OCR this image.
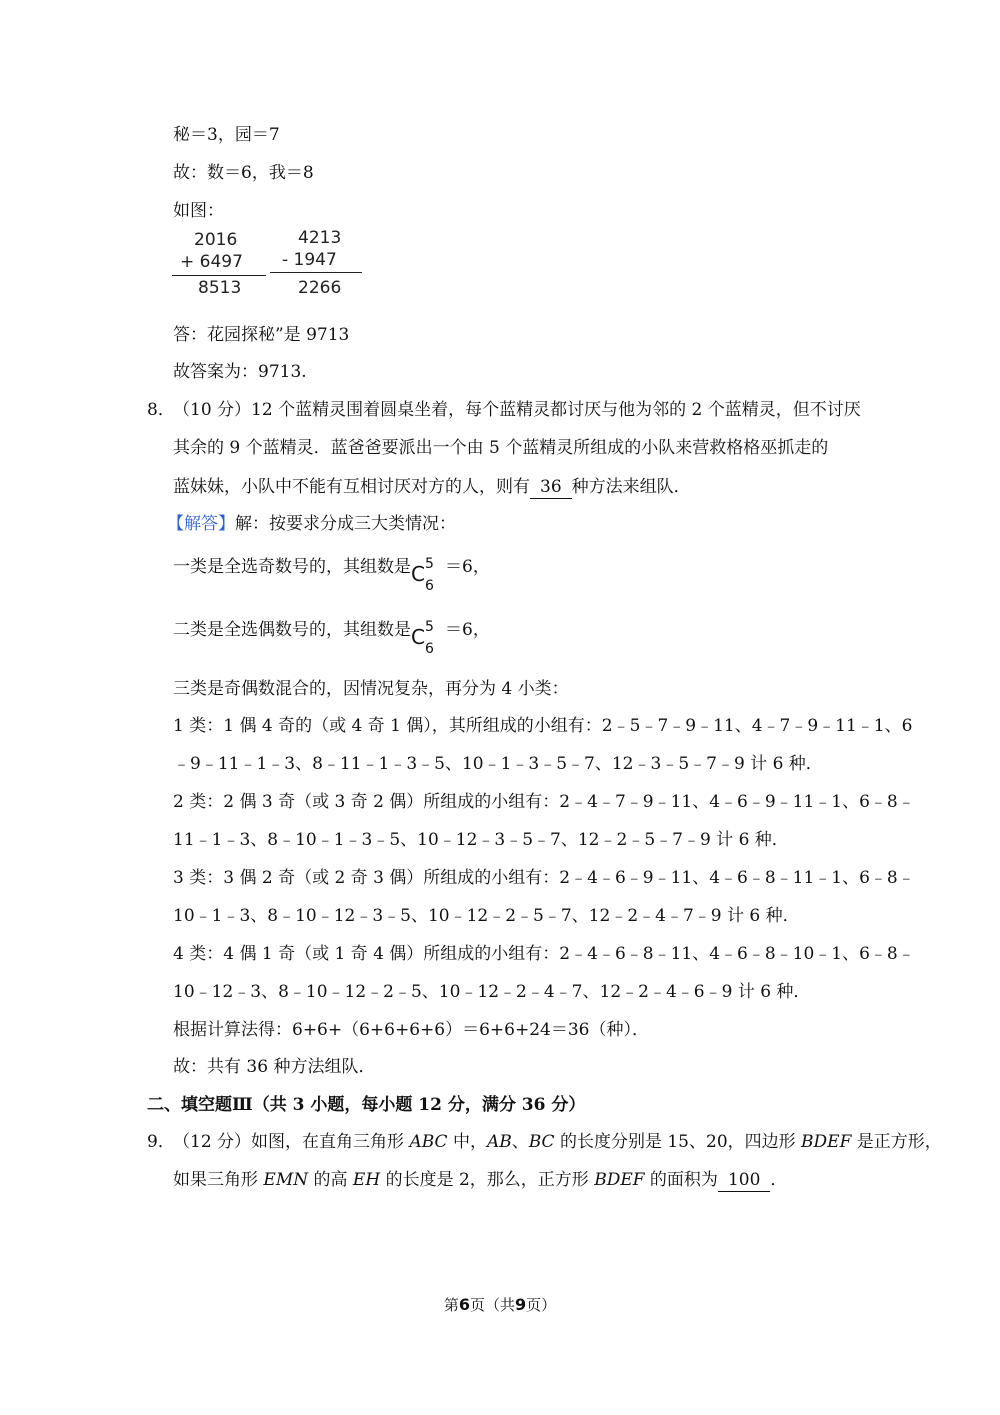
秘＝3，园＝7
故：数＝6，我＝8
如图：
2016
+ 6497
8513
4213
- 1947
2266
答：花园探秘”是 9713
故答案为：9713.
8．
（10 分）12 个蓝精灵围着圆桌坐着，每个蓝精灵都讨厌与他为邻的 2 个蓝精灵，但不讨厌
其余的 9 个蓝精灵．蓝爸爸要派出一个由 5 个蓝精灵所组成的小队来营救格格巫抓走的
蓝妹妹，小队中不能有互相讨厌对方的人，则有 36 种方法来组队．
【解答】解：按要求分成三大类情况：
一类是全选奇数号的，其组数是 C 5
6
＝6，
二类是全选偶数号的，其组数是 C 5
6
＝6，
三类是奇偶数混合的，因情况复杂，再分为 4 小类：
1 类：1 偶 4 奇的（或 4 奇 1 偶），其所组成的小组有：2﹣5﹣7﹣9﹣11、4﹣7﹣9﹣11﹣1、6
﹣9﹣11﹣1﹣3、8﹣11﹣1﹣3﹣5、10﹣1﹣3﹣5﹣7、12﹣3﹣5﹣7﹣9 计 6 种．
2 类：2 偶 3 奇（或 3 奇 2 偶）所组成的小组有：2﹣4﹣7﹣9﹣11、4﹣6﹣9﹣11﹣1、6﹣8﹣
11﹣1﹣3、8﹣10﹣1﹣3﹣5、10﹣12﹣3﹣5﹣7、12﹣2﹣5﹣7﹣9 计 6 种．
3 类：3 偶 2 奇（或 2 奇 3 偶）所组成的小组有：2﹣4﹣6﹣9﹣11、4﹣6﹣8﹣11﹣1、6﹣8﹣
10﹣1﹣3、8﹣10﹣12﹣3﹣5、10﹣12﹣2﹣5﹣7、12﹣2﹣4﹣7﹣9 计 6 种．
4 类：4 偶 1 奇（或 1 奇 4 偶）所组成的小组有：2﹣4﹣6﹣8﹣11、4﹣6﹣8﹣10﹣1、6﹣8﹣
10﹣12﹣3、8﹣10﹣12﹣2﹣5、10﹣12﹣2﹣4﹣7、12﹣2﹣4﹣6﹣9 计 6 种．
根据计算法得：6+6+（6+6+6+6）＝6+6+24＝36（种）．
故：共有 36 种方法组队．
二、填空题Ⅲ（共 3 小题，每小题 12 分，满分 36 分）
9．
（12 分）如图，在直角三角形 ABC 中，AB、BC 的长度分别是 15、20，四边形 BDEF 是正方形，
如果三角形 EMN 的高 EH 的长度是 2，那么，正方形 BDEF 的面积为 100 ．
第6页（共9页）
